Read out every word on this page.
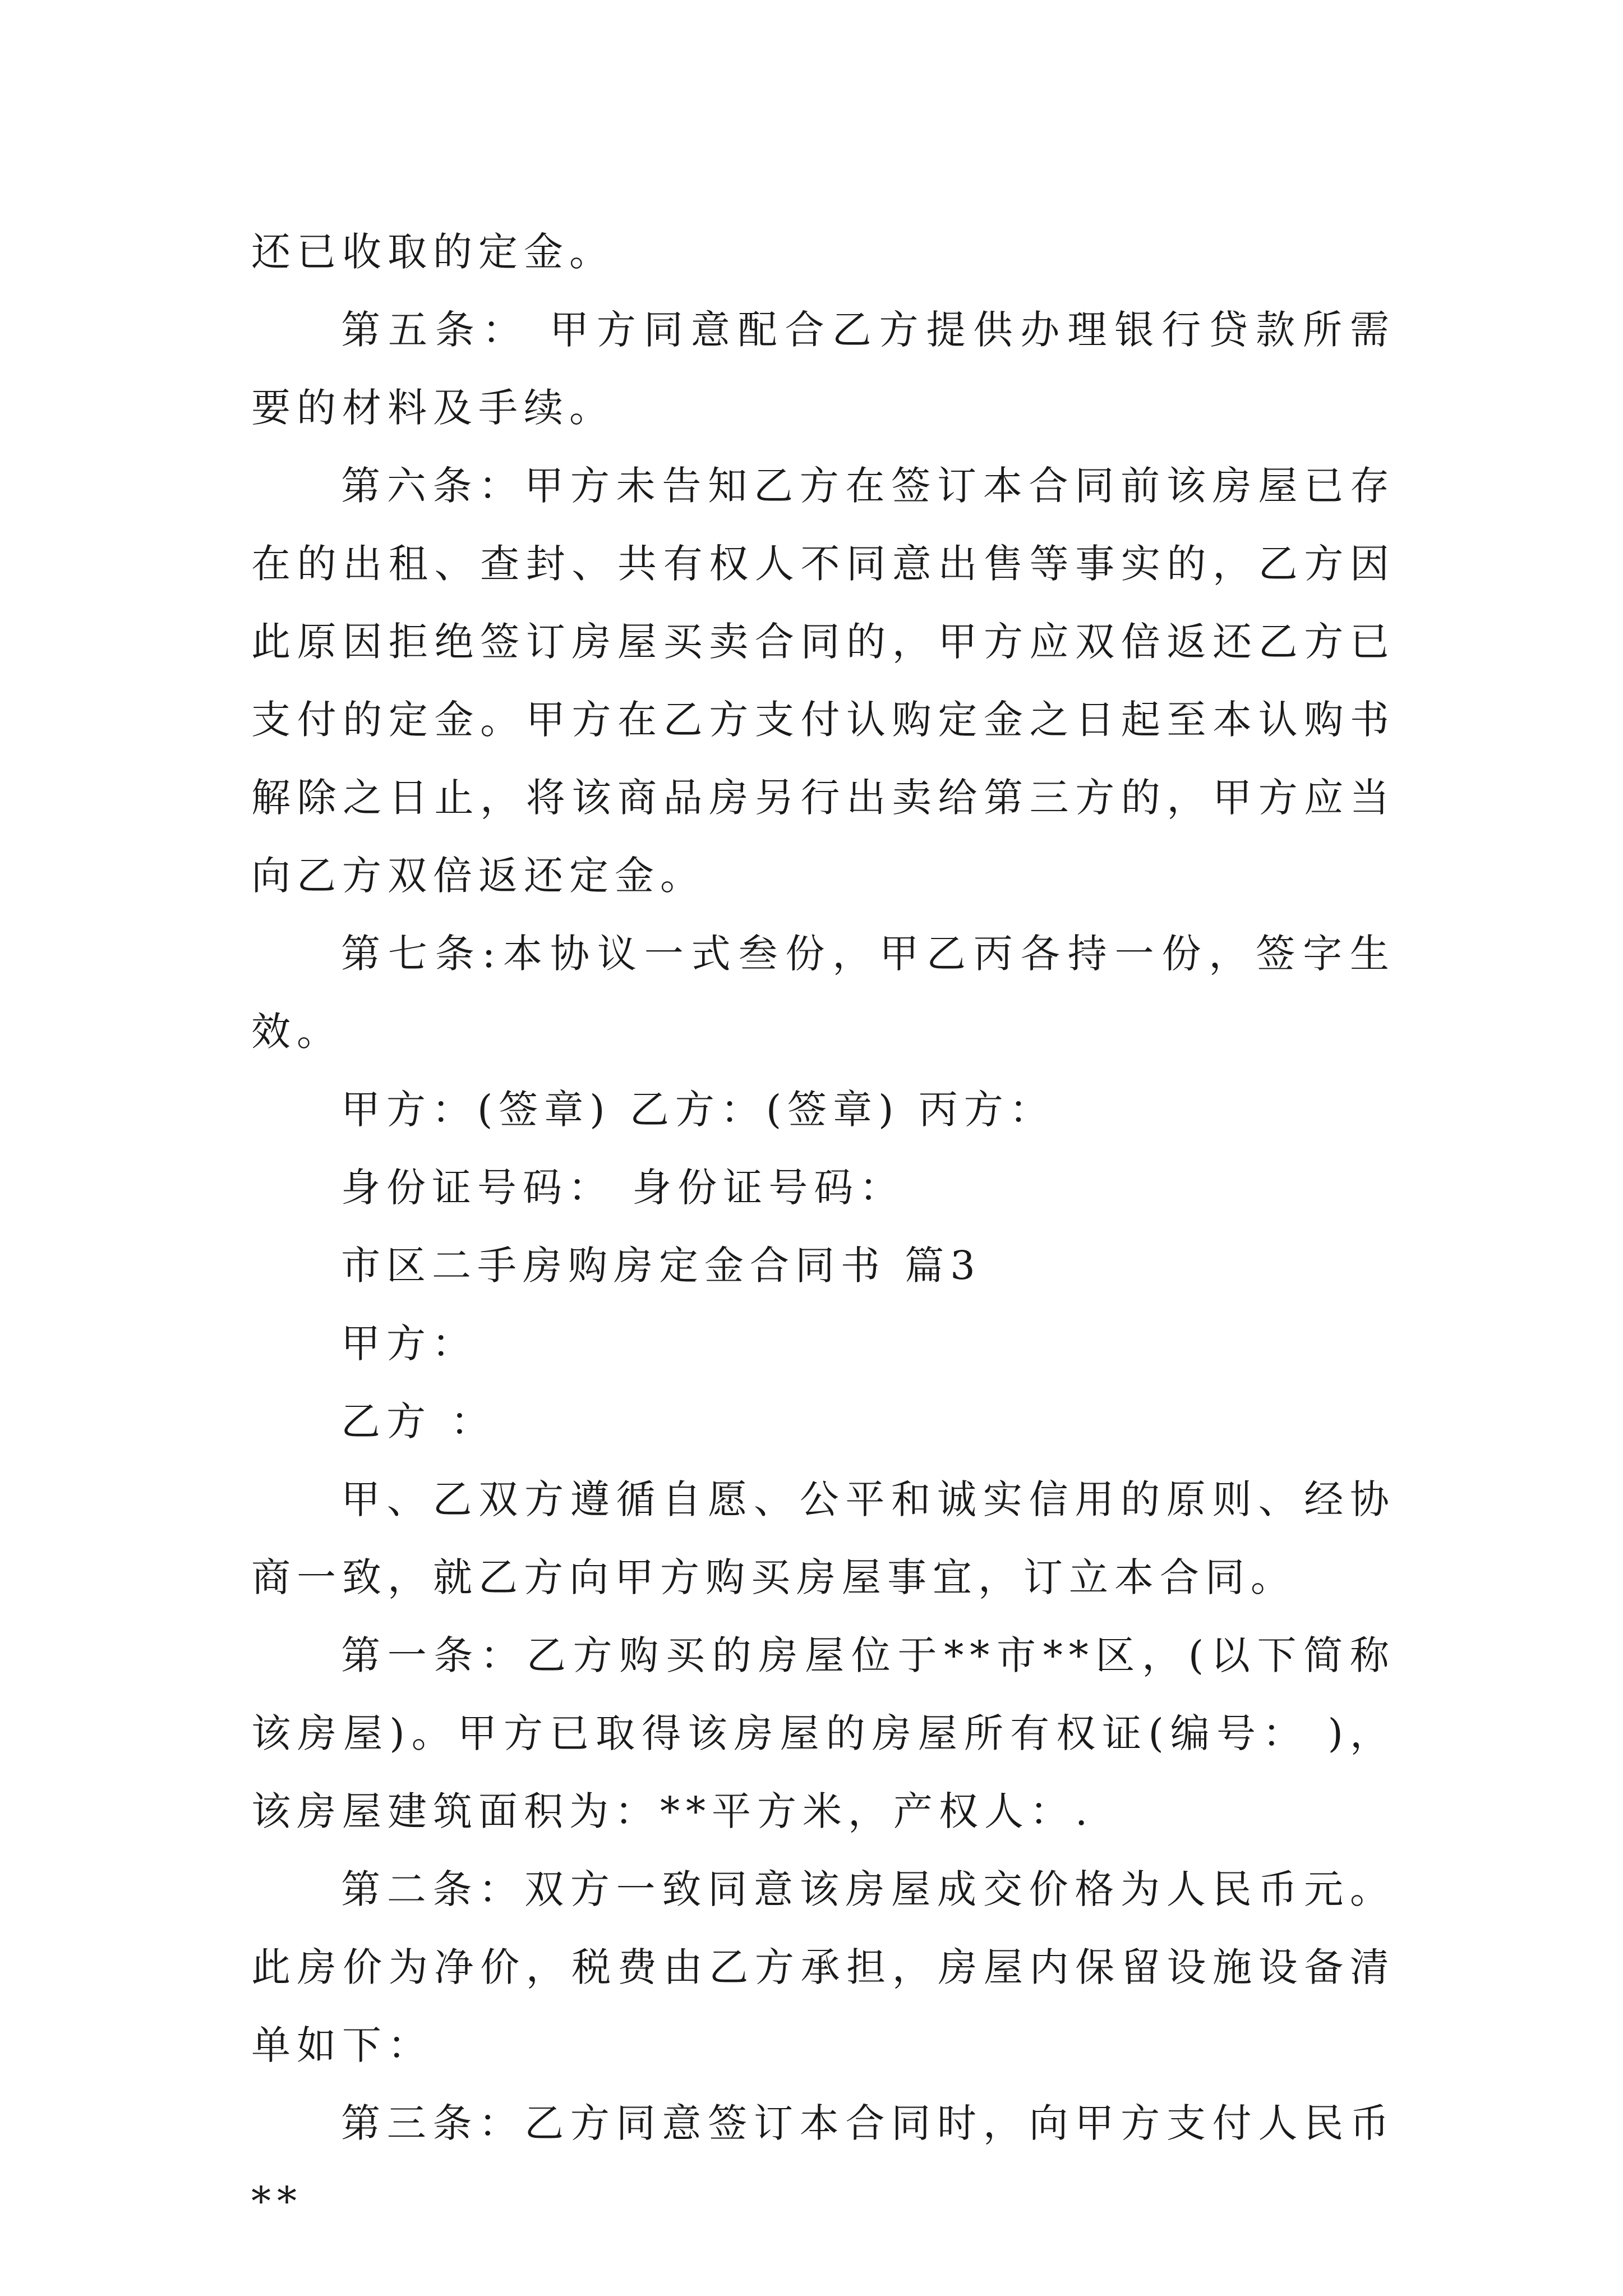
还已收取的定金。

第五条： 甲方同意配合乙方提供办理银行贷款所需要的材料及手续。

第六条：甲方未告知乙方在签订本合同前该房屋已存在的出租、查封、共有权人不同意出售等事实的，乙方因此原因拒绝签订房屋买卖合同的，甲方应双倍返还乙方已支付的定金。甲方在乙方支付认购定金之日起至本认购书解除之日止，将该商品房另行出卖给第三方的，甲方应当向乙方双倍返还定金。

第七条:本协议一式叁份，甲乙丙各持一份，签字生效。

甲方：(签章) 乙方：(签章) 丙方：

身份证号码： 身份证号码：

市区二手房购房定金合同书 篇3

甲方：

乙方 ：

甲、乙双方遵循自愿、公平和诚实信用的原则、经协商一致，就乙方向甲方购买房屋事宜，订立本合同。

第一条：乙方购买的房屋位于**市**区，(以下简称该房屋)。甲方已取得该房屋的房屋所有权证(编号： )，该房屋建筑面积为：**平方米，产权人：.

第二条：双方一致同意该房屋成交价格为人民币元。此房价为净价，税费由乙方承担，房屋内保留设施设备清单如下：

第三条：乙方同意签订本合同时，向甲方支付人民币**
